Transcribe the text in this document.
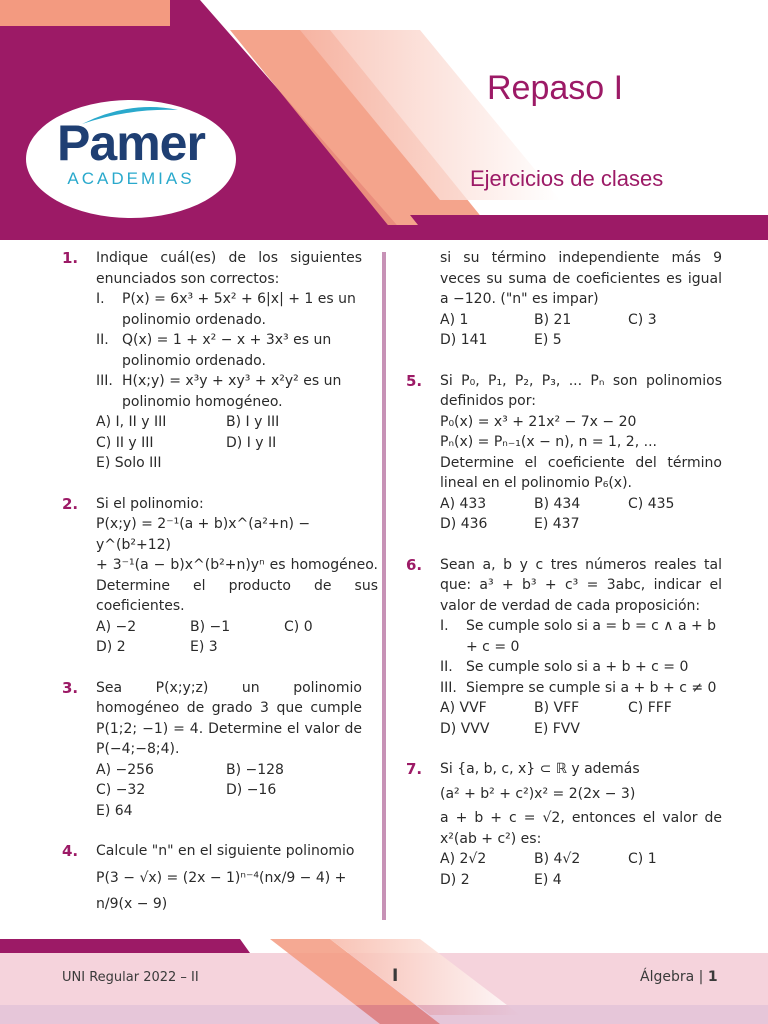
Pamer
ACADEMIAS
Repaso I
Ejercicios de clases
1.	Indique cuál(es) de los siguientes enunciados son correctos:

I.	P(x) = 6x³ + 5x² + 6|x| + 1 es un polinomio ordenado.
II. Q(x) = 1 + x² − x + 3x³ es un polinomio ordenado.
III. H(x;y) = x³y + xy³ + x²y² es un polinomio homogéneo.
A) I, II y III	B) I y III
C) II y III	D) I y II
E) Solo III
2.	Si el polinomio:

P(x;y) = 2⁻¹(a + b)x^(a²+n) − y^(b²+12)

+ 3⁻¹(a − b)x^(b²+n)yⁿ es homogéneo. Determine el producto de sus coeficientes.

A) −2	B) −1	C) 0
D) 2	E) 3
3.	Sea P(x;y;z) un polinomio homogéneo de grado 3 que cumple P(1;2; −1) = 4. Determine el valor de P(−4;−8;4).

A) −256	B) −128
C) −32	D) −16
E) 64
4.	Calcule "n" en el siguiente polinomio

P(3 − √x) = (2x − 1)ⁿ⁻⁴(nx/9 − 4) +

n/9(x − 9)

si su término independiente más 9 veces su suma de coeficientes es igual a −120. ("n" es impar)

A) 1	B) 21	C) 3
D) 141	E) 5
5.	Si P₀, P₁, P₂, P₃, ... Pₙ son polinomios definidos por:

P₀(x) = x³ + 21x² − 7x − 20

Pₙ(x) = Pₙ₋₁(x − n), n = 1, 2, ...

Determine el coeficiente del término lineal en el polinomio P₆(x).

A) 433	B) 434	C) 435
D) 436	E) 437
6.	Sean a, b y c tres números reales tal que: a³ + b³ + c³ = 3abc, indicar el valor de verdad de cada proposición:

I.	Se cumple solo si a = b = c ∧ a + b + c = 0
II. Se cumple solo si a + b + c = 0
III. Siempre se cumple si a + b + c ≠ 0
A) VVF	B) VFF	C) FFF
D) VVV	E) FVV
7.	Si {a, b, c, x} ⊂ ℝ y además

(a² + b² + c²)x² = 2(2x − 3)

a + b + c = √2, entonces el valor de x²(ab + c²) es:

A) 2√2	B) 4√2	C) 1
D) 2	E) 4
UNI Regular 2022 – II	I	Álgebra | 1
